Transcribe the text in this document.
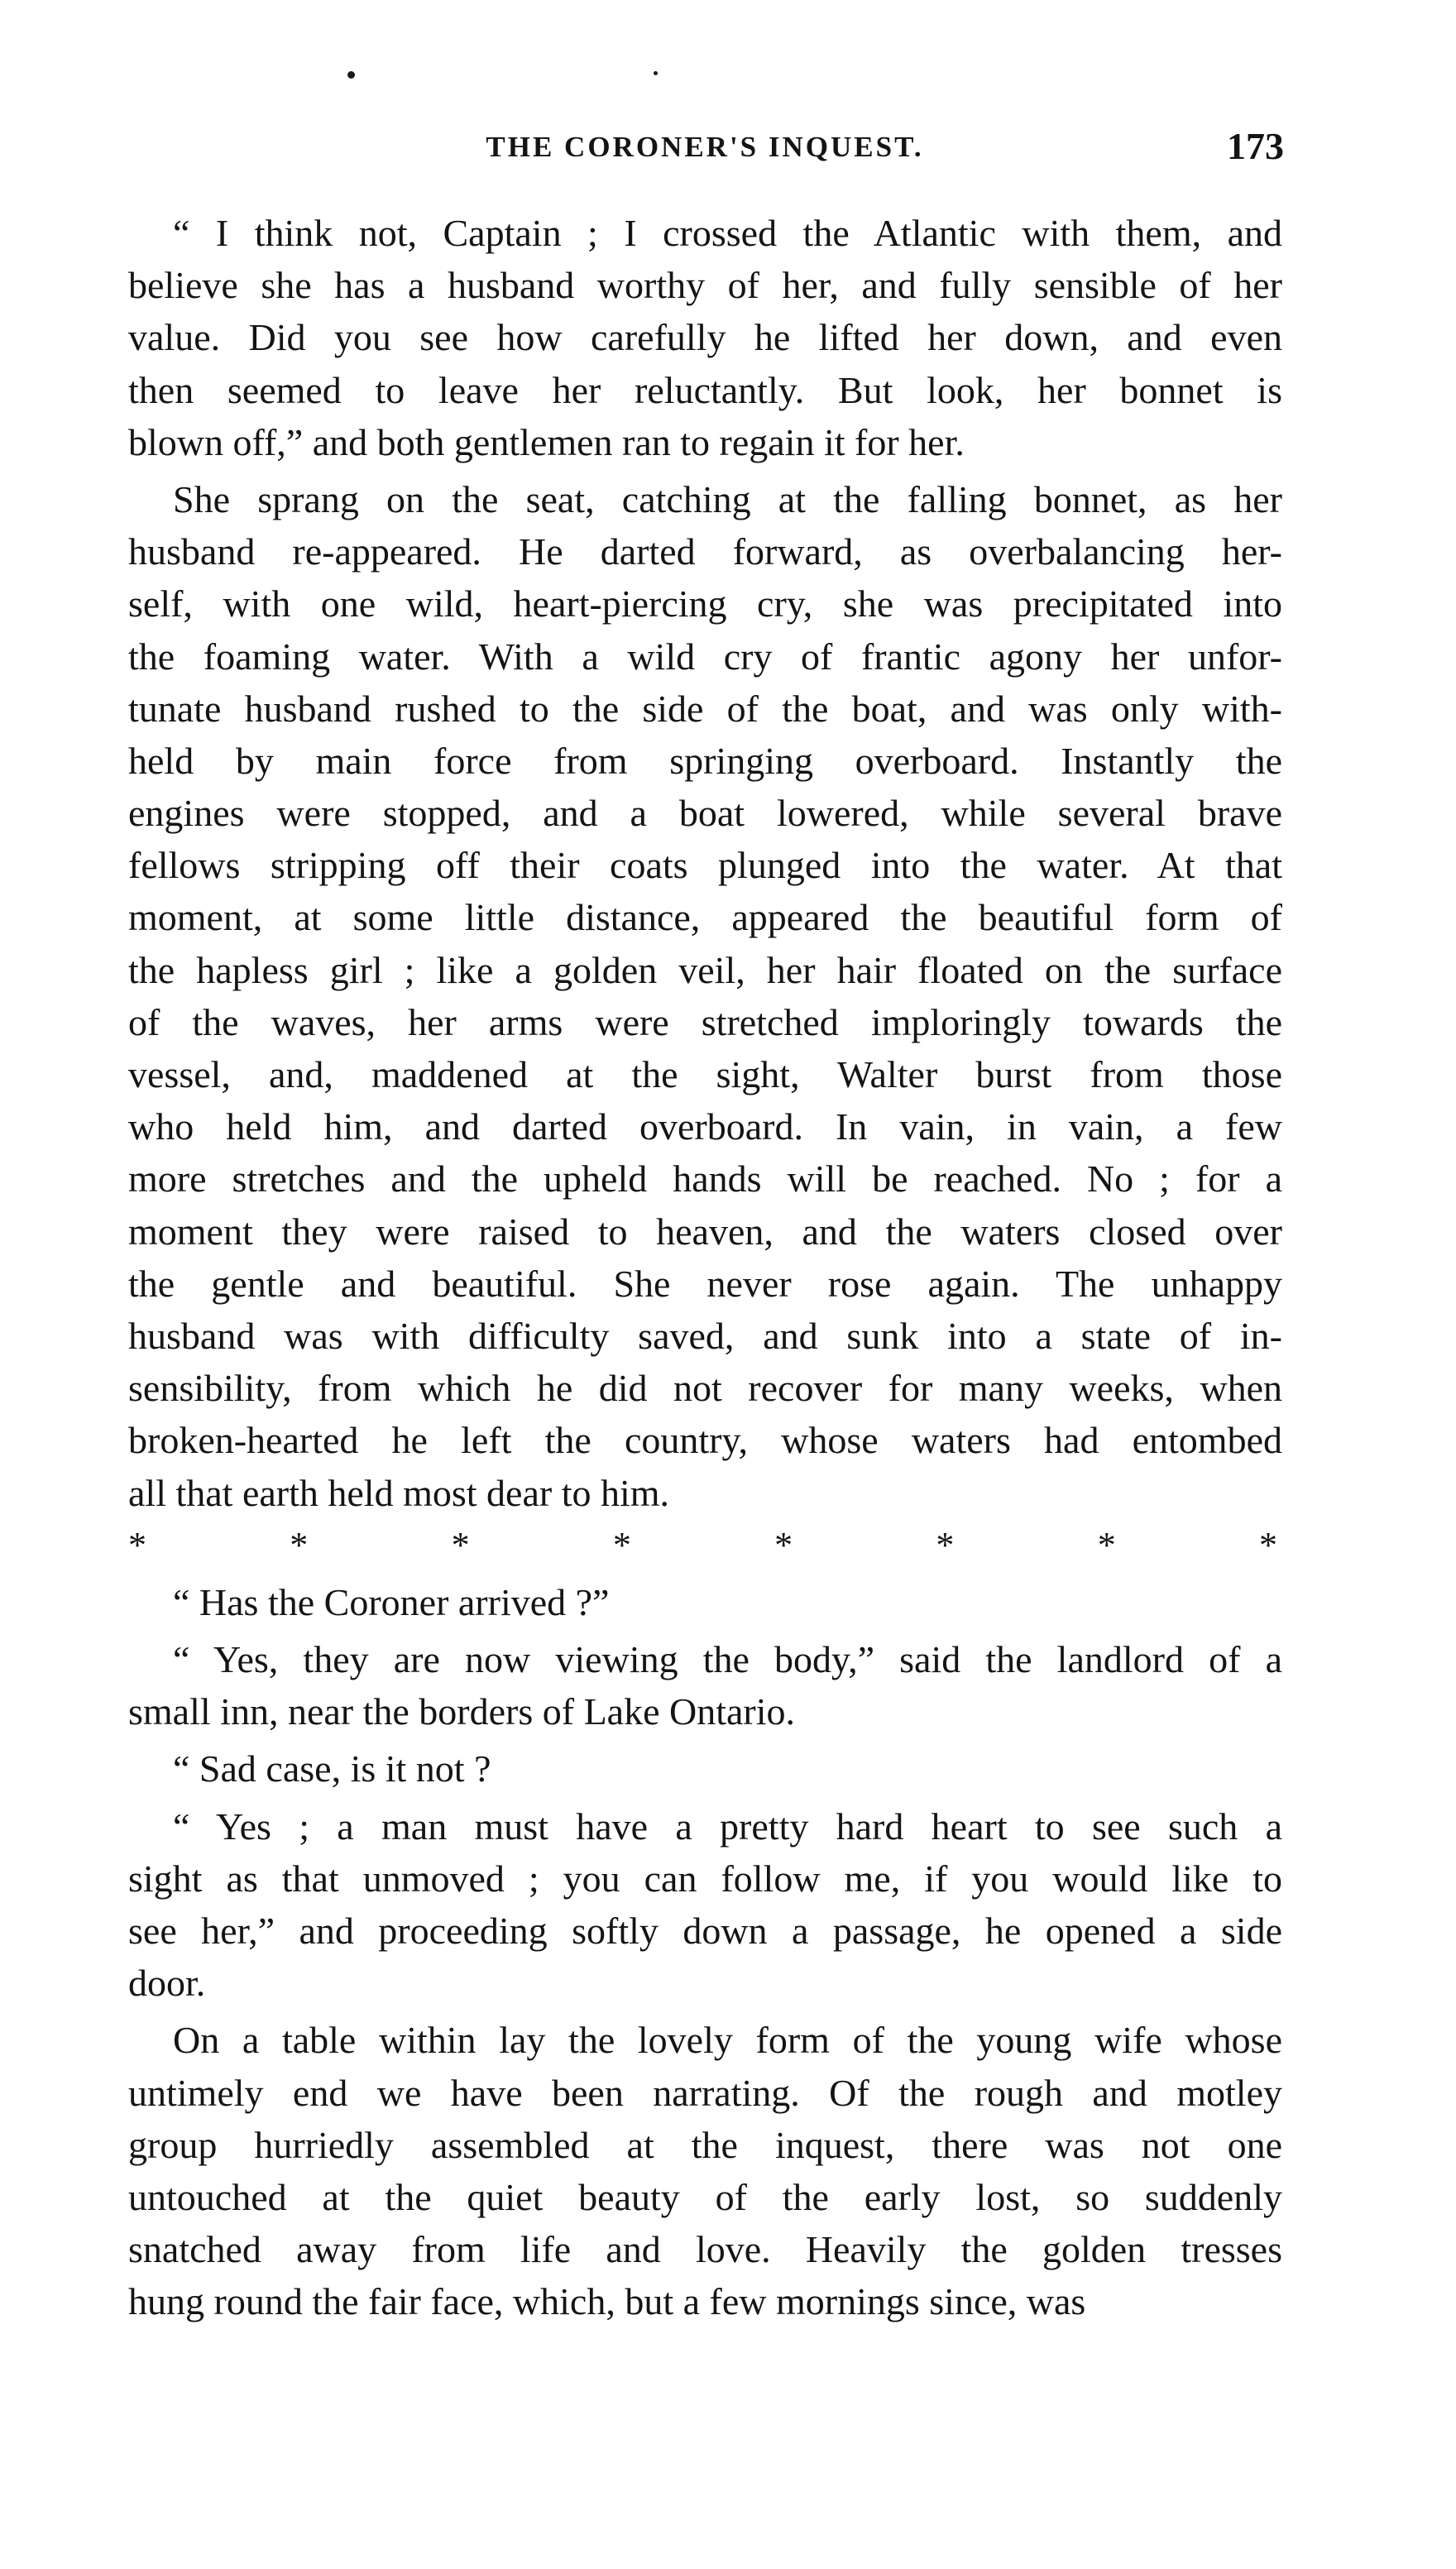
THE CORONER'S INQUEST.	173
“ I think not, Captain ; I crossed the Atlantic with them, and
believe she has a husband worthy of her, and fully sensible of her
value. Did you see how carefully he lifted her down, and even
then seemed to leave her reluctantly. But look, her bonnet is
blown off,” and both gentlemen ran to regain it for her.
She sprang on the seat, catching at the falling bonnet, as her
husband re-appeared. He darted forward, as overbalancing her-
self, with one wild, heart-piercing cry, she was precipitated into
the foaming water. With a wild cry of frantic agony her unfor-
tunate husband rushed to the side of the boat, and was only with-
held by main force from springing overboard. Instantly the
engines were stopped, and a boat lowered, while several brave
fellows stripping off their coats plunged into the water. At that
moment, at some little distance, appeared the beautiful form of
the hapless girl ; like a golden veil, her hair floated on the surface
of the waves, her arms were stretched imploringly towards the
vessel, and, maddened at the sight, Walter burst from those
who held him, and darted overboard. In vain, in vain, a few
more stretches and the upheld hands will be reached. No ; for a
moment they were raised to heaven, and the waters closed over
the gentle and beautiful. She never rose again. The unhappy
husband was with difficulty saved, and sunk into a state of in-
sensibility, from which he did not recover for many weeks, when
broken-hearted he left the country, whose waters had entombed
all that earth held most dear to him.
*	*	*	*	*	*	*	*
“ Has the Coroner arrived ?”
“ Yes, they are now viewing the body,” said the landlord of a
small inn, near the borders of Lake Ontario.
“ Sad case, is it not ?
“ Yes ; a man must have a pretty hard heart to see such a
sight as that unmoved ; you can follow me, if you would like to
see her,” and proceeding softly down a passage, he opened a side
door.
On a table within lay the lovely form of the young wife whose
untimely end we have been narrating. Of the rough and motley
group hurriedly assembled at the inquest, there was not one
untouched at the quiet beauty of the early lost, so suddenly
snatched away from life and love. Heavily the golden tresses
hung round the fair face, which, but a few mornings since, was
